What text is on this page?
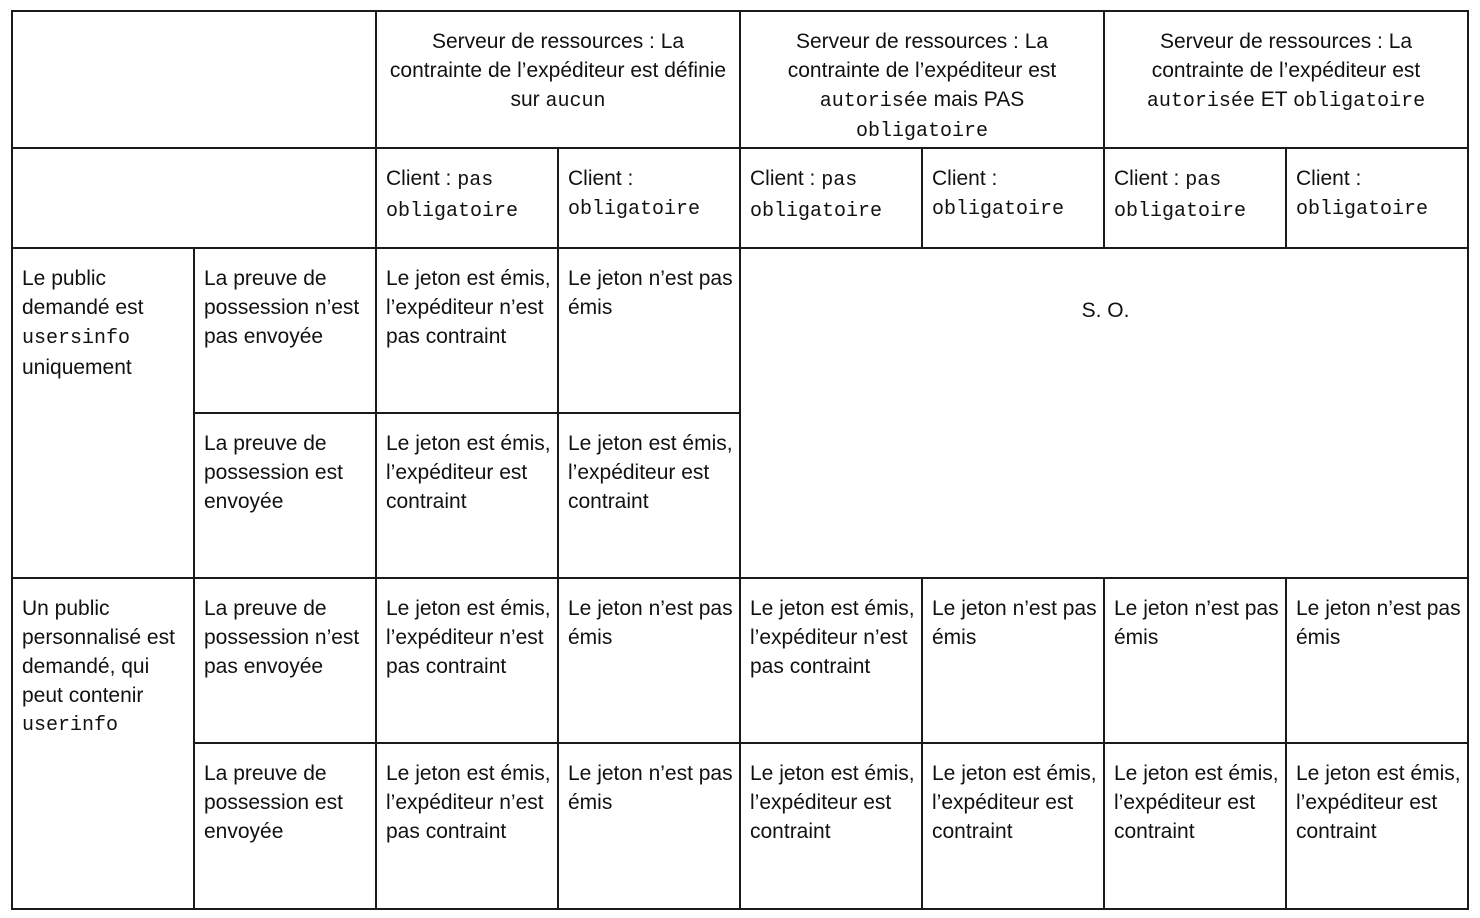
		Serveur de ressources : La contrainte de l’expéditeur est définie sur aucun		Serveur de ressources : La contrainte de l’expéditeur est autorisée mais PAS obligatoire		Serveur de ressources : La contrainte de l’expéditeur est autorisée ET obligatoire	
		Client : pas obligatoire	Client : obligatoire	Client : pas obligatoire	Client : obligatoire	Client : pas obligatoire	Client : obligatoire
Le public demandé est usersinfo uniquement	La preuve de possession n’est pas envoyée	Le jeton est émis, l’expéditeur n’est pas contraint	Le jeton n’est pas émis	S. O.			
	La preuve de possession est envoyée	Le jeton est émis, l’expéditeur est contraint	Le jeton est émis, l’expéditeur est contraint				
Un public personnalisé est demandé, qui peut contenir userinfo	La preuve de possession n’est pas envoyée	Le jeton est émis, l’expéditeur n’est pas contraint	Le jeton n’est pas émis	Le jeton est émis, l’expéditeur n’est pas contraint	Le jeton n’est pas émis	Le jeton n’est pas émis	Le jeton n’est pas émis
	La preuve de possession est envoyée	Le jeton est émis, l’expéditeur n’est pas contraint	Le jeton n’est pas émis	Le jeton est émis, l’expéditeur est contraint	Le jeton est émis, l’expéditeur est contraint	Le jeton est émis, l’expéditeur est contraint	Le jeton est émis, l’expéditeur est contraint
